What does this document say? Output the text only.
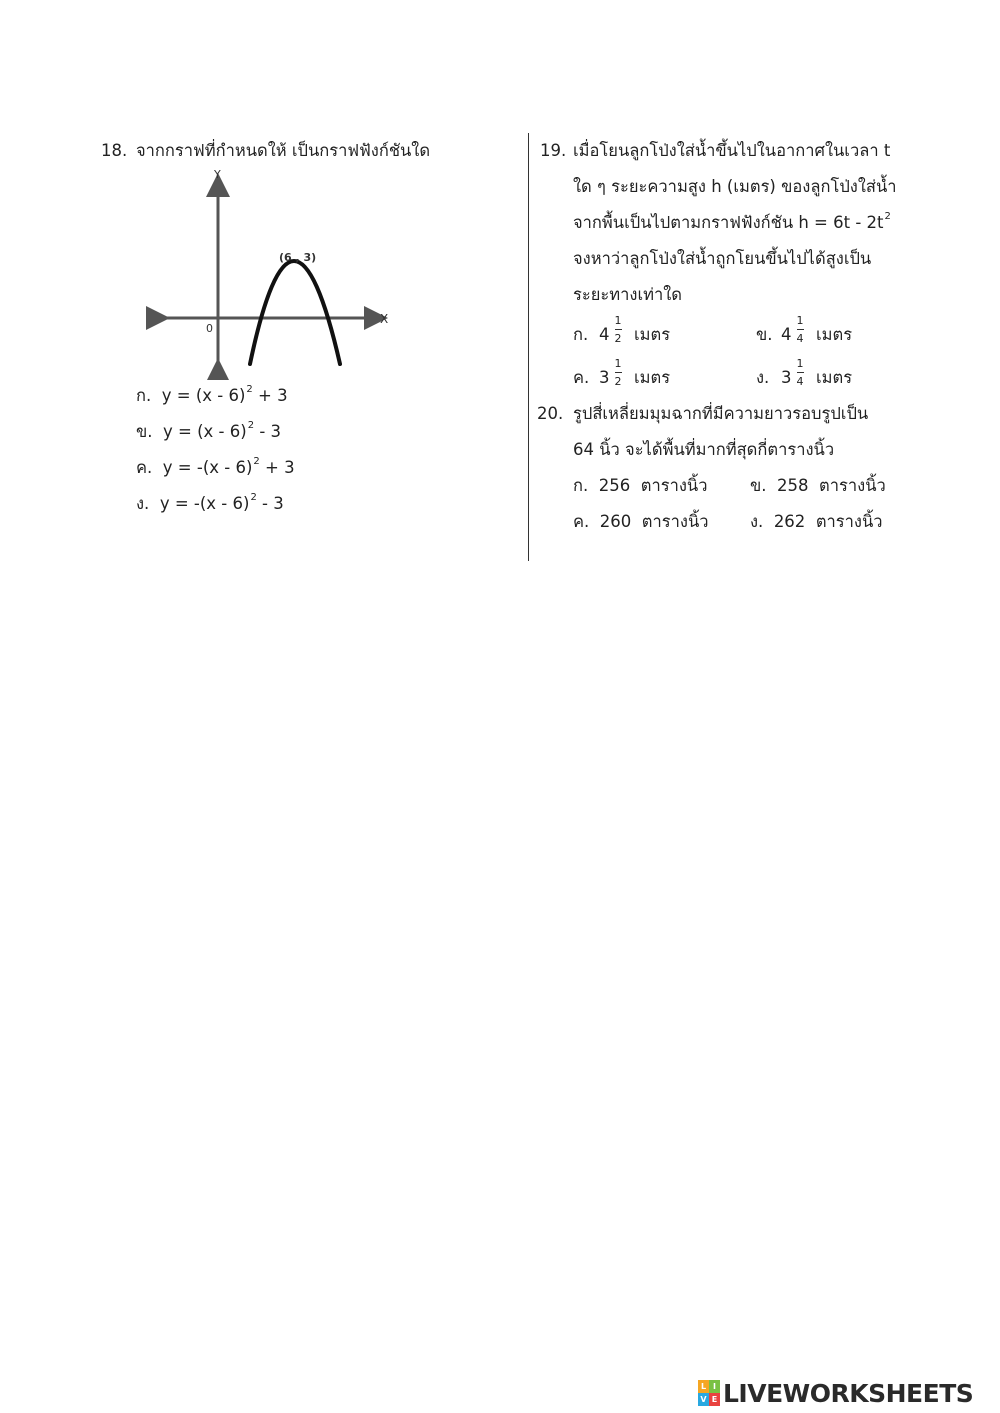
18. จากกราฟที่กำหนดให้ เป็นกราฟฟังก์ชันใด
Y
X
0
(6 , 3)
ก. y = (x - 6)$^2$ + 3
ข. y = (x - 6)$^2$ - 3
ค. y = -(x - 6)$^2$ + 3
ง. y = -(x - 6)$^2$ - 3
19. เมื่อโยนลูกโป่งใส่น้ำขึ้นไปในอากาศในเวลา t
ใด ๆ ระยะความสูง h (เมตร) ของลูกโป่งใส่น้ำ
จากพื้นเป็นไปตามกราฟฟังก์ชัน $h = 6t - 2t^2$
จงหาว่าลูกโป่งใส่น้ำถูกโยนขึ้นไปได้สูงเป็น
ระยะทางเท่าใด
ก. 4
1
2 เมตร	ข. 4
1
4 เมตร
ค. 3
1
2 เมตร	ง. 3
1
4 เมตร
20. รูปสี่เหลี่ยมมุมฉากที่มีความยาวรอบรูปเป็น
64 นิ้ว จะได้พื้นที่มากที่สุดกี่ตารางนิ้ว
ก. 256 ตารางนิ้ว	ข. 258 ตารางนิ้ว
ค. 260 ตารางนิ้ว	ง. 262 ตารางนิ้ว
L I
V E LIVEWORKSHEETS
